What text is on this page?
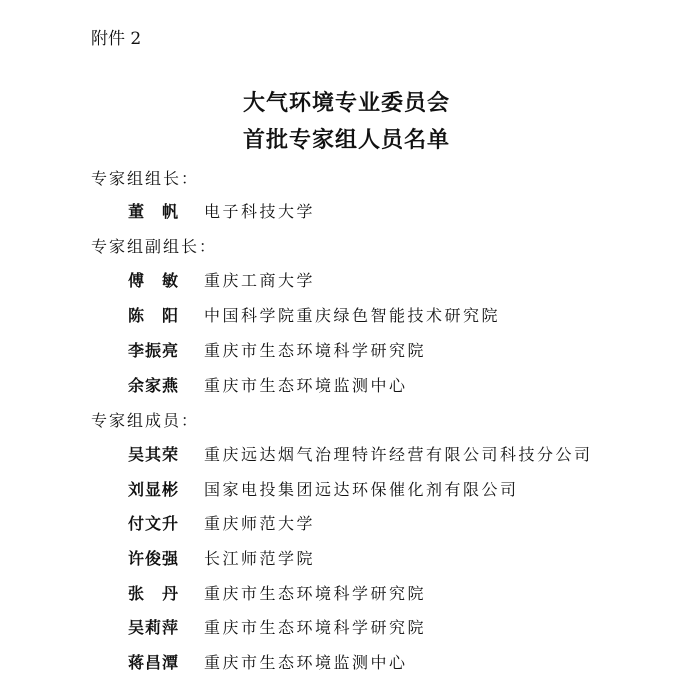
附件 2
大气环境专业委员会
首批专家组人员名单
专家组组长：
董　帆 电子科技大学
专家组副组长：
傅　敏 重庆工商大学
陈　阳 中国科学院重庆绿色智能技术研究院
李振亮 重庆市生态环境科学研究院
余家燕 重庆市生态环境监测中心
专家组成员：
吴其荣 重庆远达烟气治理特许经营有限公司科技分公司
刘显彬 国家电投集团远达环保催化剂有限公司
付文升 重庆师范大学
许俊强 长江师范学院
张　丹 重庆市生态环境科学研究院
吴莉萍 重庆市生态环境科学研究院
蒋昌潭 重庆市生态环境监测中心
